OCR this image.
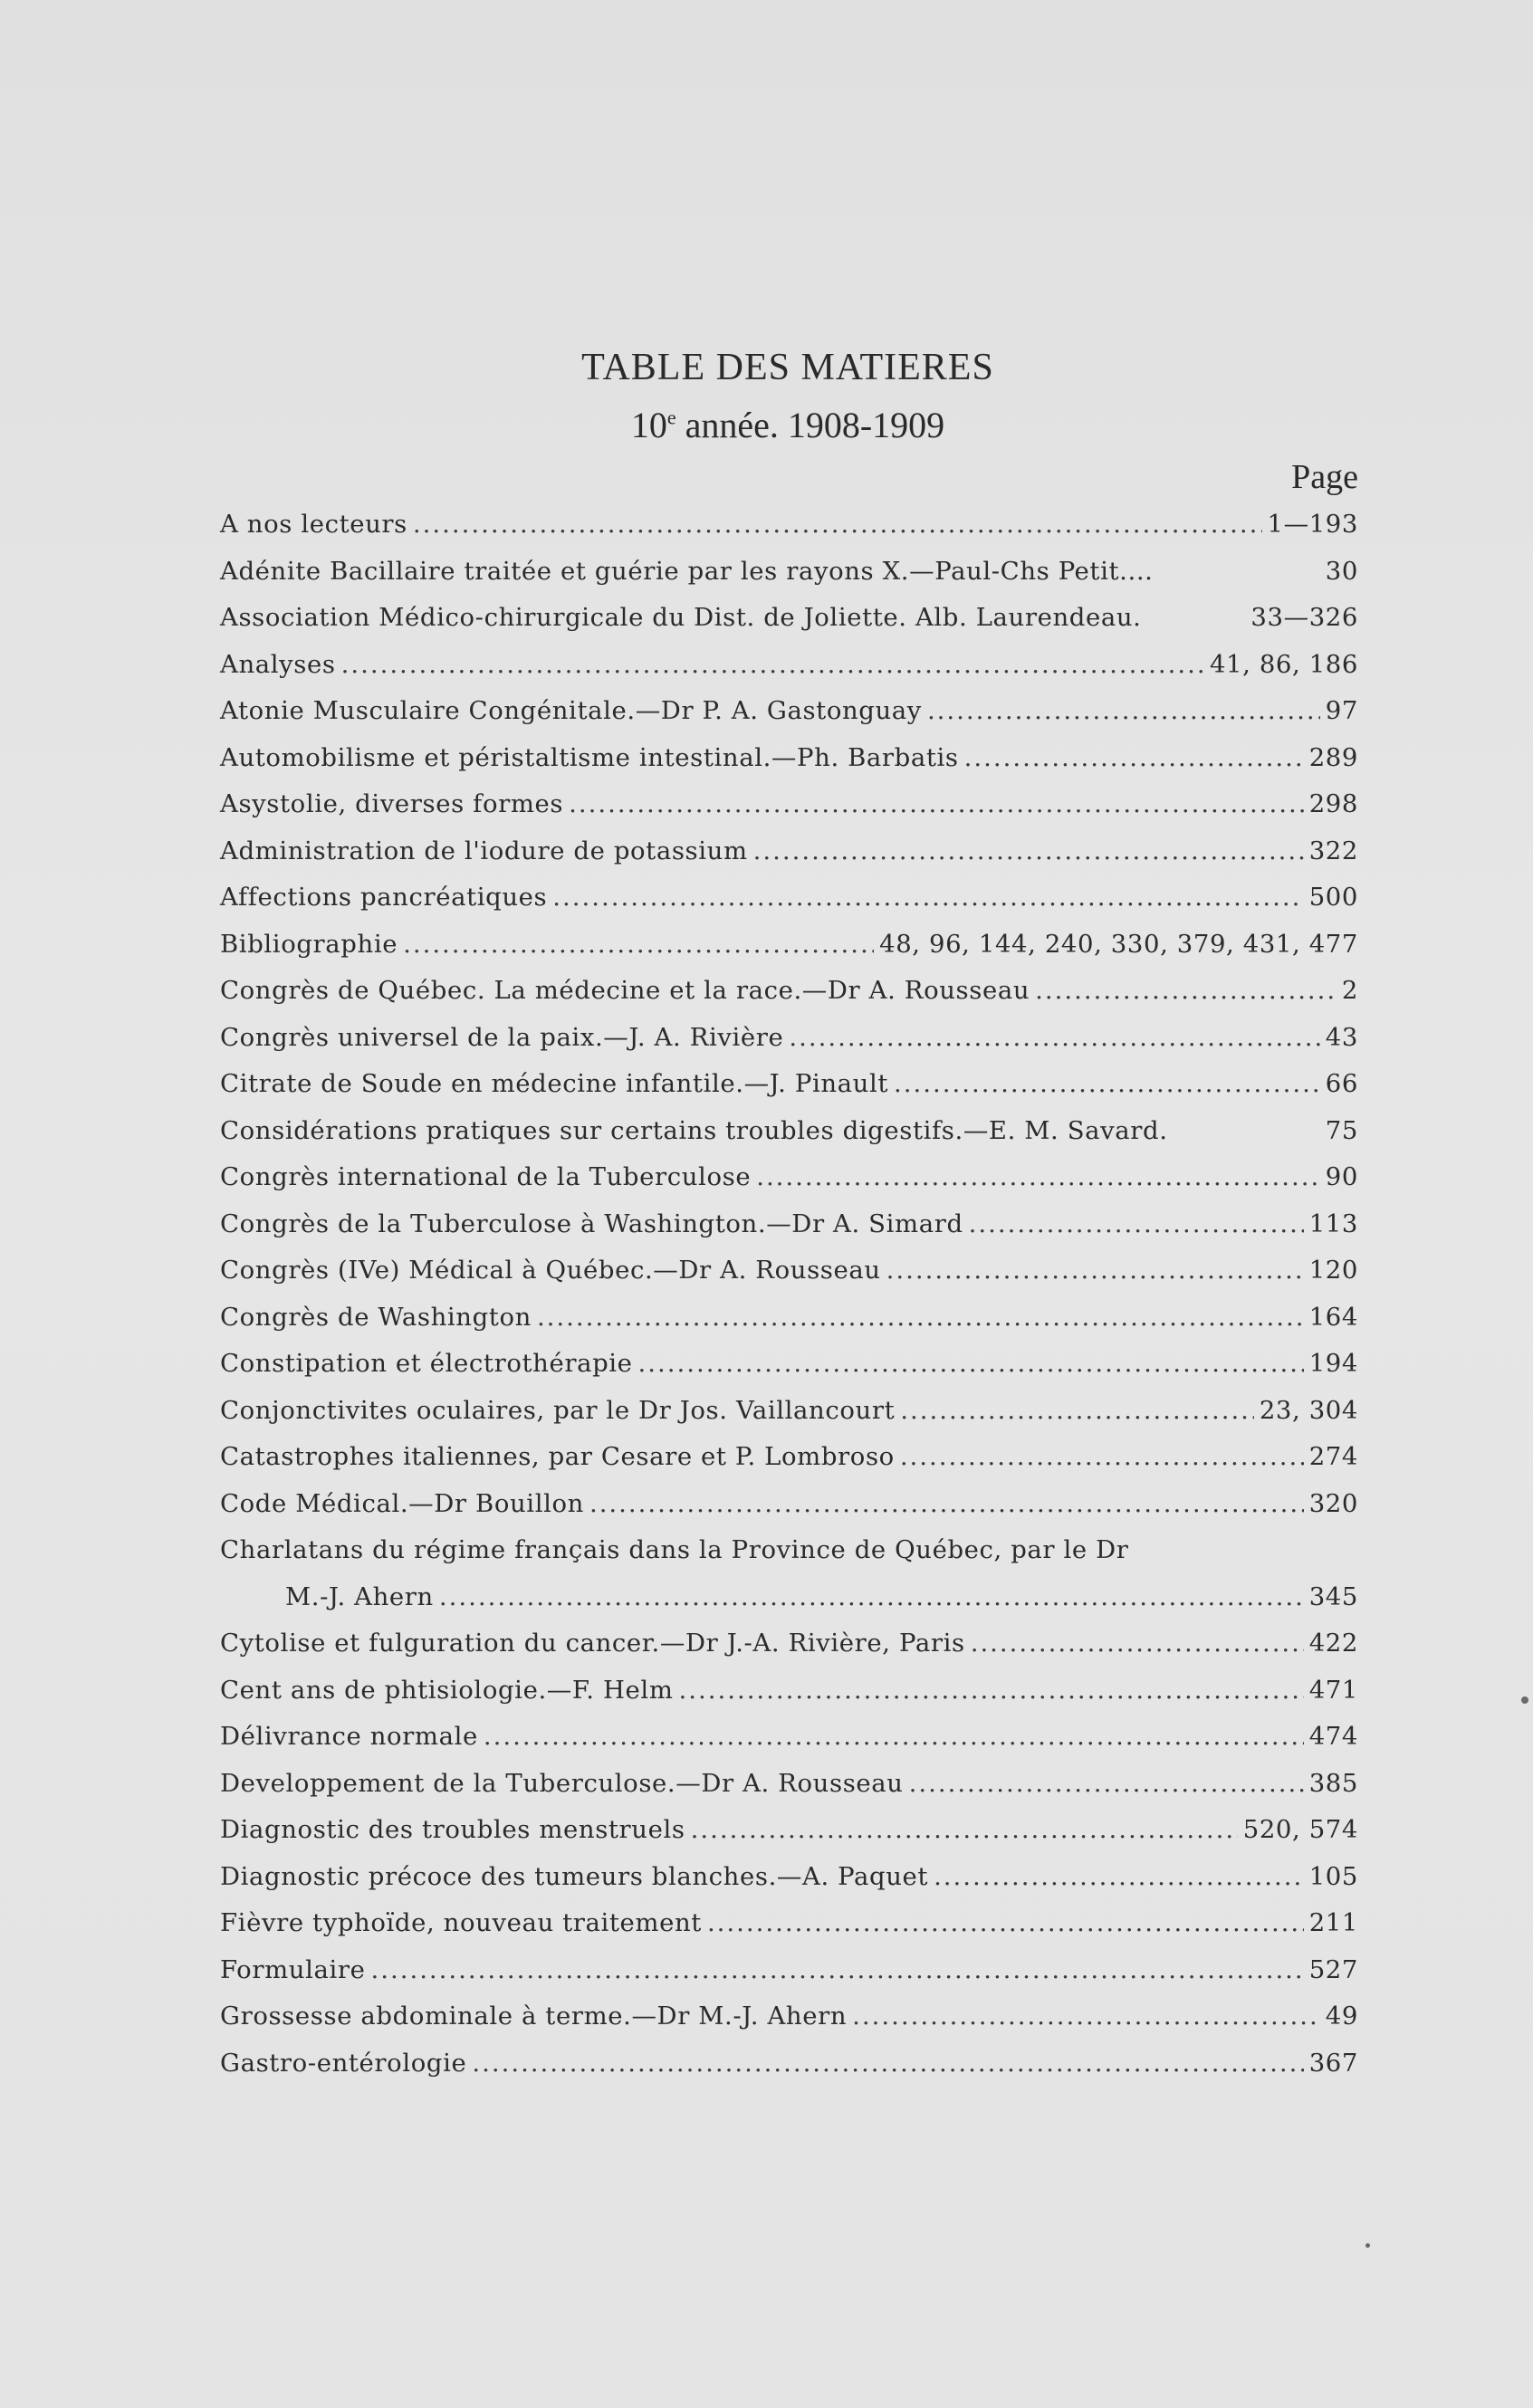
TABLE DES MATIERES
10e année. 1908-1909
Page
A nos lecteurs .....	1—193
Adénite Bacillaire traitée et guérie par les rayons X.—Paul-Chs Petit....	30
Association Médico-chirurgicale du Dist. de Joliette. Alb. Laurendeau.	33—326
Analyses .....	41, 86, 186
Atonie Musculaire Congénitale.—Dr P. A. Gastonguay .....	97
Automobilisme et péristaltisme intestinal.—Ph. Barbatis .....	289
Asystolie, diverses formes .....	298
Administration de l'iodure de potassium .....	322
Affections pancréatiques .....	500
Bibliographie .....	48, 96, 144, 240, 330, 379, 431, 477
Congrès de Québec. La médecine et la race.—Dr A. Rousseau .....	2
Congrès universel de la paix.—J. A. Rivière .....	43
Citrate de Soude en médecine infantile.—J. Pinault .....	66
Considérations pratiques sur certains troubles digestifs.—E. M. Savard.	75
Congrès international de la Tuberculose .....	90
Congrès de la Tuberculose à Washington.—Dr A. Simard .....	113
Congrès (IVe) Médical à Québec.—Dr A. Rousseau .....	120
Congrès de Washington .....	164
Constipation et électrothérapie .....	194
Conjonctivites oculaires, par le Dr Jos. Vaillancourt .....	23, 304
Catastrophes italiennes, par Cesare et P. Lombroso .....	274
Code Médical.—Dr Bouillon .....	320
Charlatans du régime français dans la Province de Québec, par le Dr
M.-J. Ahern .....	345
Cytolise et fulguration du cancer.—Dr J.-A. Rivière, Paris .....	422
Cent ans de phtisiologie.—F. Helm .....	471
Délivrance normale .....	474
Developpement de la Tuberculose.—Dr A. Rousseau .....	385
Diagnostic des troubles menstruels .....	520, 574
Diagnostic précoce des tumeurs blanches.—A. Paquet .....	105
Fièvre typhoïde, nouveau traitement .....	211
Formulaire .....	527
Grossesse abdominale à terme.—Dr M.-J. Ahern .....	49
Gastro-entérologie .....	367
